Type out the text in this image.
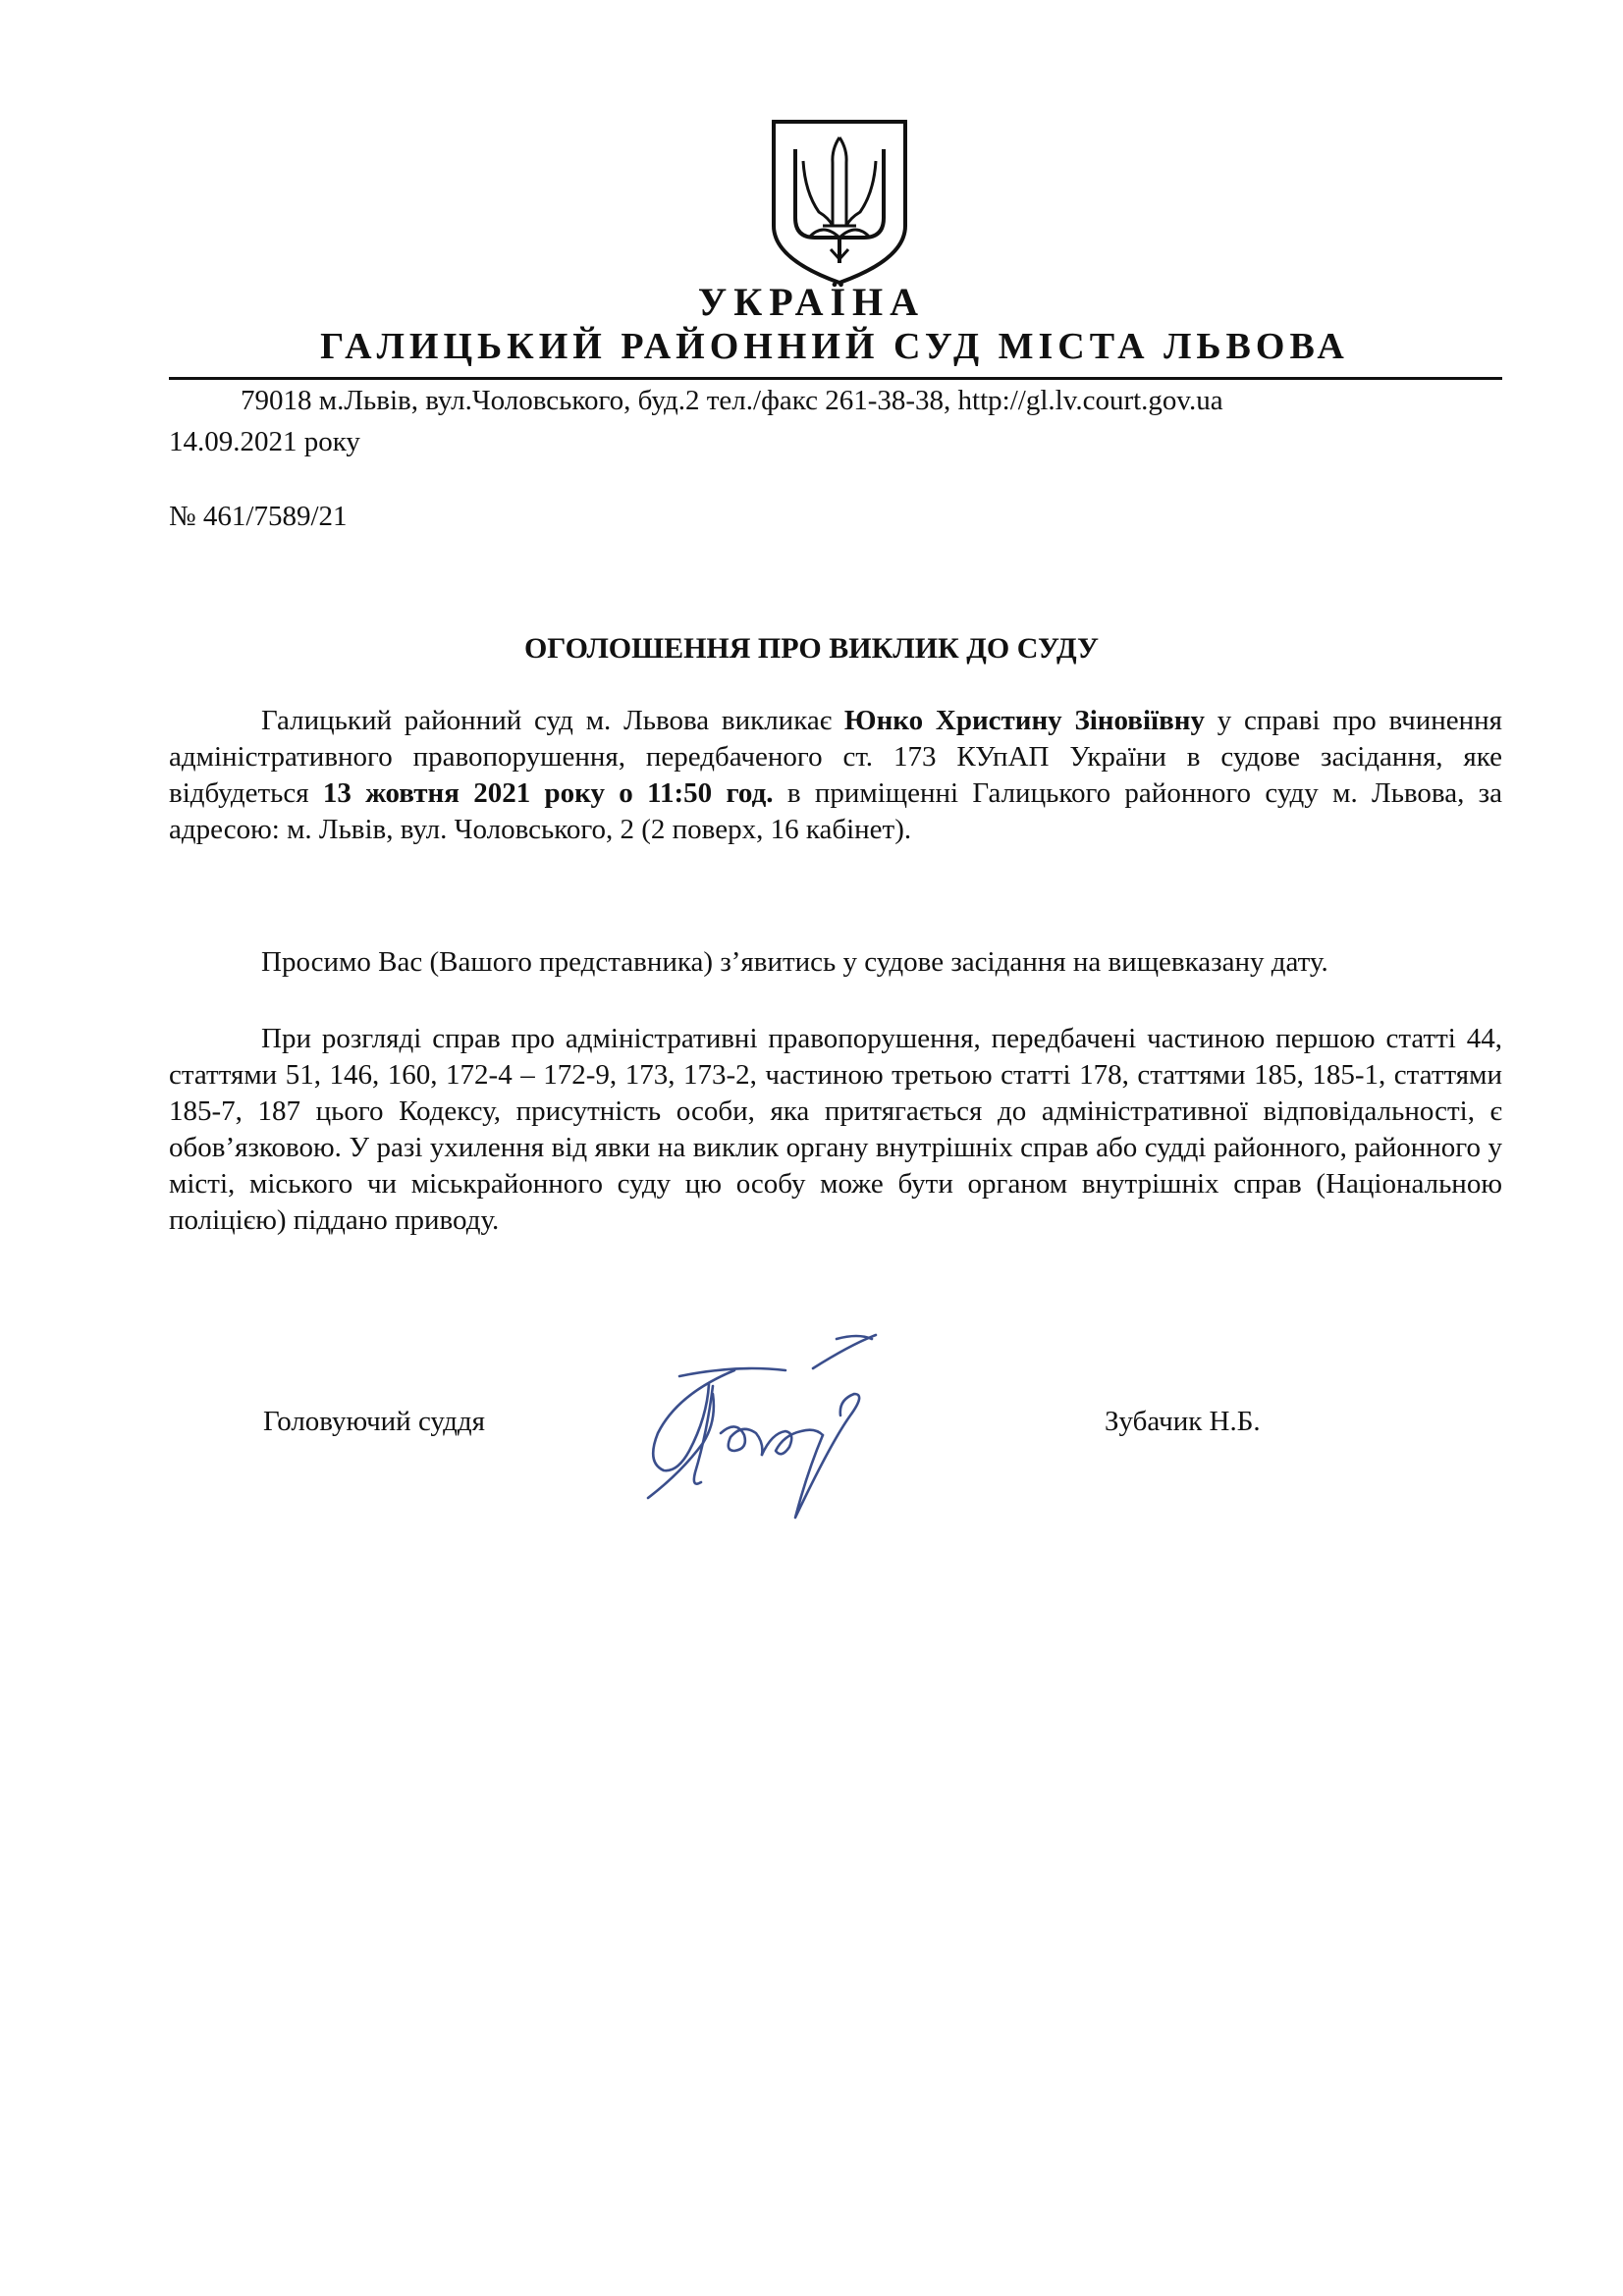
УКРАЇНА
ГАЛИЦЬКИЙ РАЙОННИЙ СУД МІСТА ЛЬВОВА
79018 м.Львів, вул.Чоловського, буд.2 тел./факс 261-38-38, http://gl.lv.court.gov.ua
14.09.2021 року
№ 461/7589/21
ОГОЛОШЕННЯ ПРО ВИКЛИК ДО СУДУ

Галицький районний суд м. Львова викликає Юнко Христину Зіновіївну у справі про вчинення адміністративного правопорушення, передбаченого ст. 173 КУпАП України в судове засідання, яке відбудеться 13 жовтня 2021 року о 11:50 год. в приміщенні Галицького районного суду м. Львова, за адресою: м. Львів, вул. Чоловського, 2 (2 поверх, 16 кабінет).

Просимо Вас (Вашого представника) з’явитись у судове засідання на вищевказану дату.

При розгляді справ про адміністративні правопорушення, передбачені частиною першою статті 44, статтями 51, 146, 160, 172-4 – 172-9, 173, 173-2, частиною третьою статті 178, статтями 185, 185-1, статтями 185-7, 187 цього Кодексу, присутність особи, яка притягається до адміністративної відповідальності, є обов’язковою. У разі ухилення від явки на виклик органу внутрішніх справ або судді районного, районного у місті, міського чи міськрайонного суду цю особу може бути органом внутрішніх справ (Національною поліцією) піддано приводу.

Головуючий суддя	Зубачик Н.Б.
